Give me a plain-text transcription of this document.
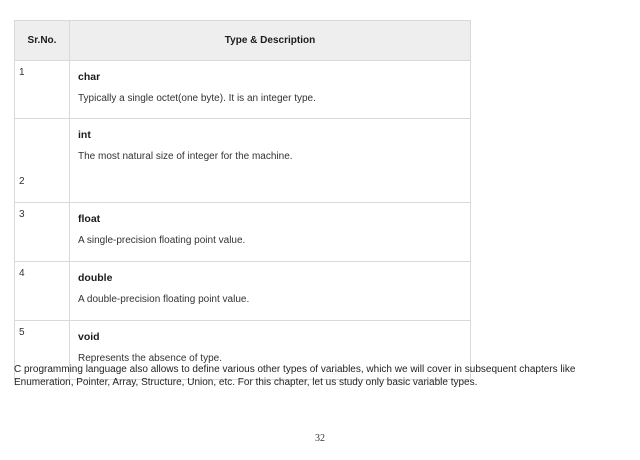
Sr.No.	Type & Description
1	char
Typically a single octet(one byte). It is an integer type.

2	int
The most natural size of integer for the machine.

3	float
A single-precision floating point value.

4	double
A double-precision floating point value.

5	void
Represents the absence of type.

C programming language also allows to define various other types of variables, which we will cover in subsequent chapters like Enumeration, Pointer, Array, Structure, Union, etc. For this chapter, let us study only basic variable types.

32
